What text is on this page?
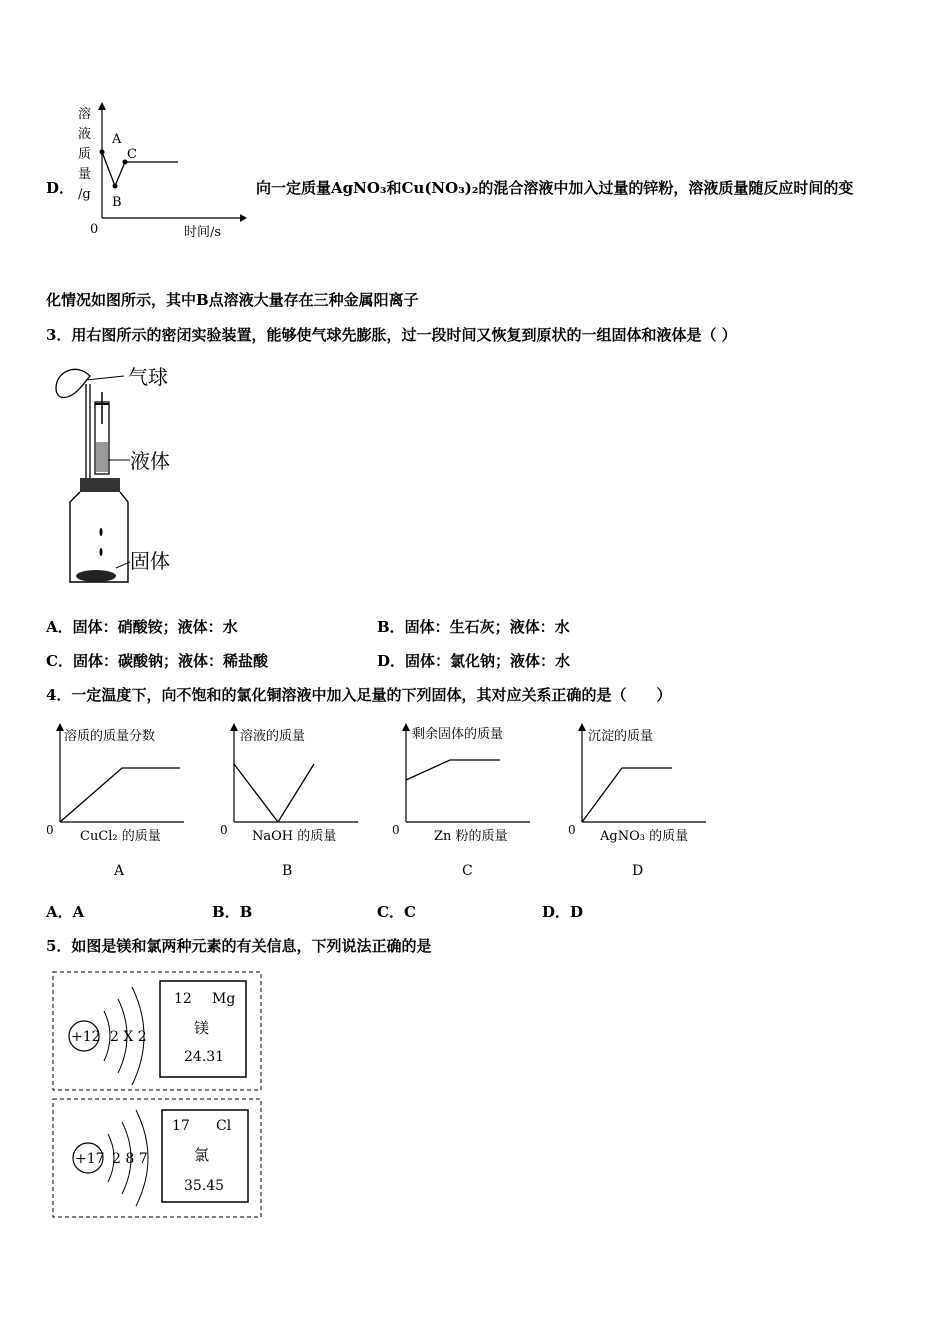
D．
A
C
B
溶
液
质
量
/g
0	时间/s
向一定质量AgNO₃和Cu(NO₃)₂的混合溶液中加入过量的锌粉，溶液质量随反应时间的变
化情况如图所示，其中B点溶液大量存在三种金属阳离子
3．用右图所示的密闭实验装置，能够使气球先膨胀，过一段时间又恢复到原状的一组固体和液体是（ ）
气球
液体
固体
A．固体：硝酸铵；液体：水	B．固体：生石灰；液体：水
C．固体：碳酸钠；液体：稀盐酸	D．固体：氯化钠；液体：水
4．一定温度下，向不饱和的氯化铜溶液中加入足量的下列固体，其对应关系正确的是（　　）
溶质的质量分数
0 CuCl₂ 的质量
A
溶液的质量
0 NaOH 的质量
B
剩余固体的质量
0	Zn 粉的质量
C
沉淀的质量
0 AgNO₃ 的质量
D
A．A	B．B	C．C	D．D
5．如图是镁和氯两种元素的有关信息，下列说法正确的是
+12 2 X 2
12 Mg
镁
24.31
+17 2 8 7
17 Cl
氯
35.45
